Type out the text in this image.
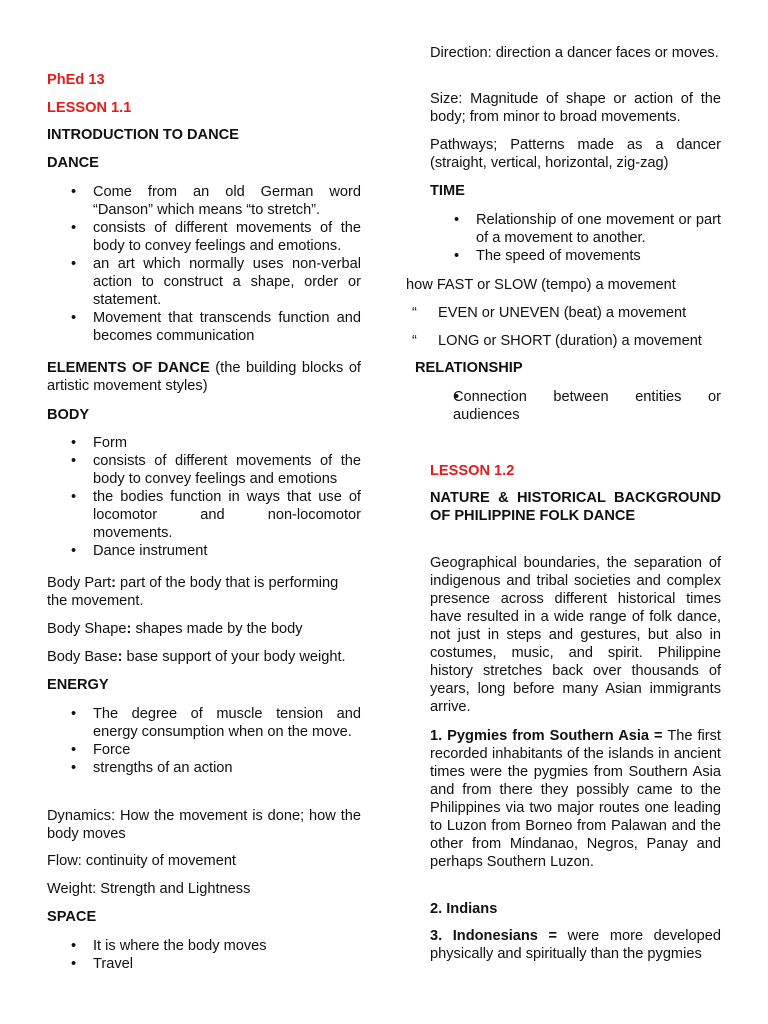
PhEd 13

LESSON 1.1

INTRODUCTION TO DANCE

DANCE

• Come from an old German word “Danson” which means “to stretch”.
• consists of different movements of the body to convey feelings and emotions.
• an art which normally uses non-verbal action to construct a shape, order or statement.
• Movement that transcends function and becomes communication

ELEMENTS OF DANCE (the building blocks of artistic movement styles)

BODY

• Form
• consists of different movements of the body to convey feelings and emotions
• the bodies function in ways that use of locomotor and non-locomotor movements.
• Dance instrument

Body Part: part of the body that is performing the movement.

Body Shape: shapes made by the body

Body Base: base support of your body weight.

ENERGY

• The degree of muscle tension and energy consumption when on the move.
• Force
• strengths of an action

Dynamics: How the movement is done; how the body moves

Flow: continuity of movement

Weight: Strength and Lightness

SPACE

• It is where the body moves
• Travel

Direction: direction a dancer faces or moves.

Size: Magnitude of shape or action of the body; from minor to broad movements.

Pathways; Patterns made as a dancer (straight, vertical, horizontal, zig-zag)

TIME

• Relationship of one movement or part of a movement to another.
• The speed of movements

how FAST or SLOW (tempo) a movement

“ EVEN or UNEVEN (beat) a movement
“ LONG or SHORT (duration) a movement

RELATIONSHIP

• Connection between entities or audiences

LESSON 1.2

NATURE & HISTORICAL BACKGROUND OF PHILIPPINE FOLK DANCE

Geographical boundaries, the separation of indigenous and tribal societies and complex presence across different historical times have resulted in a wide range of folk dance, not just in steps and gestures, but also in costumes, music, and spirit. Philippine history stretches back over thousands of years, long before many Asian immigrants arrive.

1. Pygmies from Southern Asia = The first recorded inhabitants of the islands in ancient times were the pygmies from Southern Asia and from there they possibly came to the Philippines via two major routes one leading to Luzon from Borneo from Palawan and the other from Mindanao, Negros, Panay and perhaps Southern Luzon.

2. Indians

3. Indonesians = were more developed physically and spiritually than the pygmies
